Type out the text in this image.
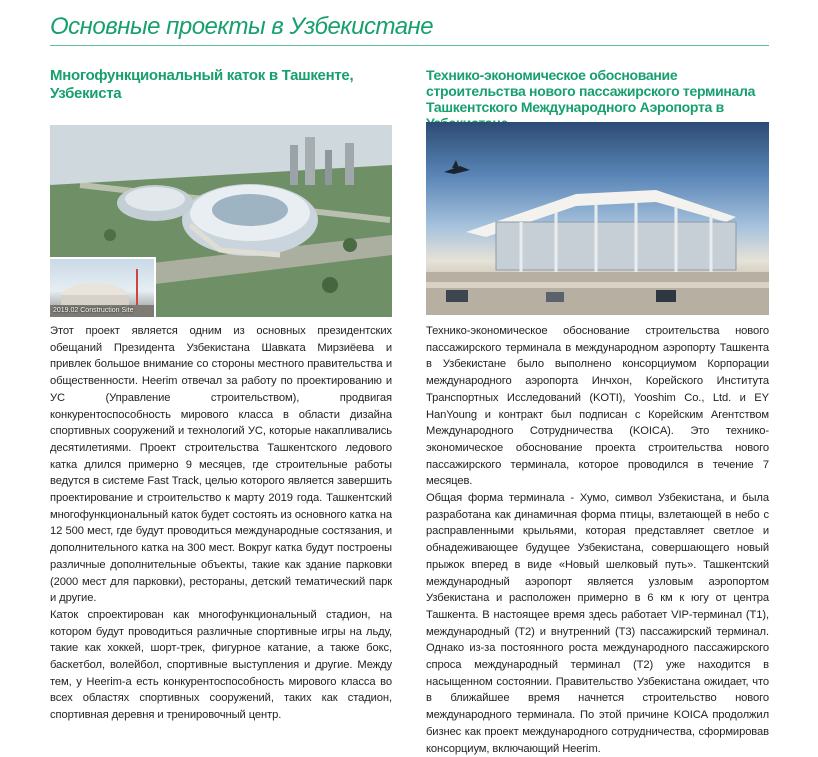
Основные проекты в Узбекистане
Многофункциональный каток в Ташкенте, Узбекиста
2019.02 Construction Site

Этот проект является одним из основных президентских обещаний Президента Узбекистана Шавката Мирзиёева и привлек большое внимание со стороны местного правительства и общественности. Heerim отвечал за работу по проектированию и УС (Управление строительством), продвигая конкурентоспособность мирового класса в области дизайна спортивных сооружений и технологий УС, которые накапливались десятилетиями. Проект строительства Ташкентского ледового катка длился примерно 9 месяцев, где строительные работы ведутся в системе Fast Track, целью которого является завершить проектирование и строительство к марту 2019 года. Ташкентский многофункциональный каток будет состоять из основного катка на 12 500 мест, где будут проводиться международные состязания, и дополнительного катка на 300 мест. Вокруг катка будут построены различные дополнительные объекты, такие как здание парковки (2000 мест для парковки), рестораны, детский тематический парк и другие.

Каток спроектирован как многофункциональный стадион, на котором будут проводиться различные спортивные игры на льду, такие как хоккей, шорт-трек, фигурное катание, а также бокс, баскетбол, волейбол, спортивные выступления и другие. Между тем, у Heerim-a есть конкурентоспособность мирового класса во всех областях спортивных сооружений, таких как стадион, спортивная деревня и тренировочный центр.

Технико-экономическое обоснование строительства нового пассажирского терминала Ташкентского Международного Аэропорта в

Технико-экономическое обоснование строительства нового пассажирского терминала в международном аэропорту Ташкента в Узбекистане было выполнено консорциумом Корпорации международного аэропорта Инчхон, Корейского Института Транспортных Исследований (KOTI), Yooshim Co., Ltd. и EY HanYoung и контракт был подписан с Корейским Агентством Международного Сотрудничества (KOICA). Это технико-экономическое обоснование проекта строительства нового пассажирского терминала, которое проводился в течение 7 месяцев.

Общая форма терминала - Хумо, символ Узбекистана, и была разработана как динамичная форма птицы, взлетающей в небо с расправленными крыльями, которая представляет светлое и обнадеживающее будущее Узбекистана, совершающего новый прыжок вперед в виде «Новый шелковый путь». Ташкентский международный аэропорт является узловым аэропортом Узбекистана и расположен примерно в 6 км к югу от центра Ташкента. В настоящее время здесь работает VIP-терминал (T1), международный (T2) и внутренний (T3) пассажирский терминал. Однако из-за постоянного роста международного пассажирского спроса международный терминал (T2) уже находится в насыщенном состоянии. Правительство Узбекистана ожидает, что в ближайшее время начнется строительство нового международного терминала. По этой причине KOICA продолжил бизнес как проект международного сотрудничества, сформировав консорциум, включающий Heerim.
